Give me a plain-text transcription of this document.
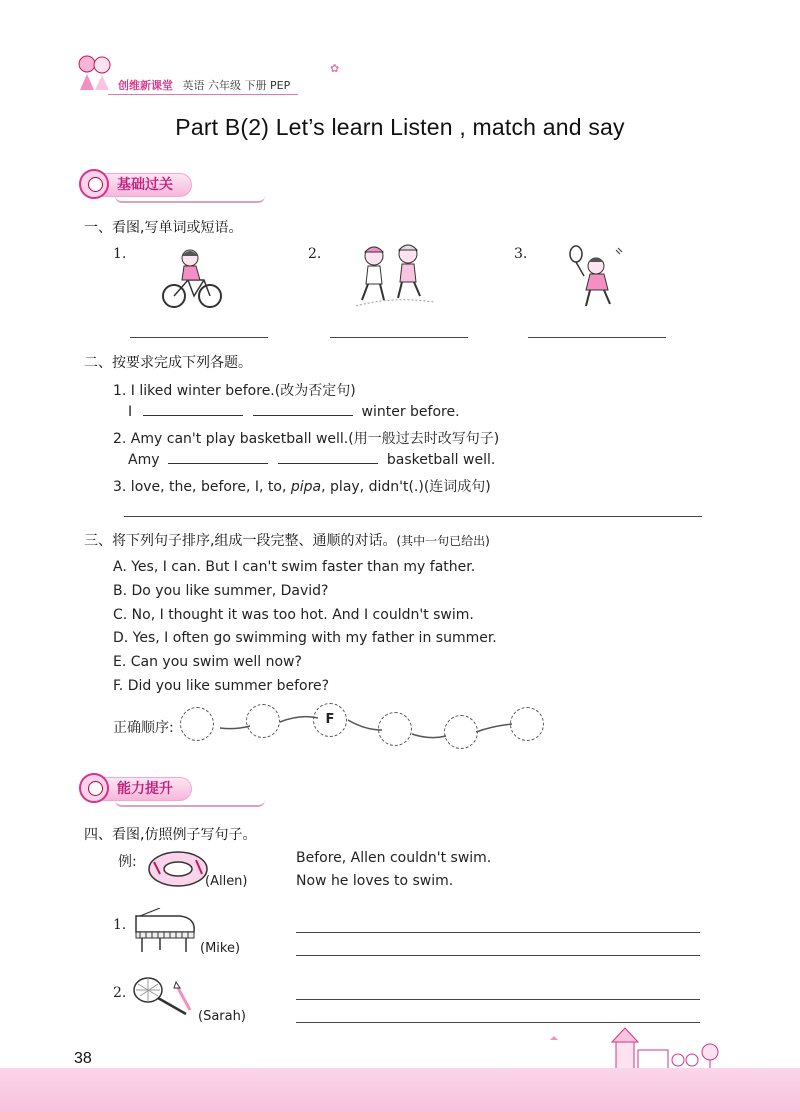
创维新课堂 英语 六年级 下册 PEP
✿
Part B(2) Let’s learn Listen , match and say
基础过关
一、看图,写单词或短语。
1.	2.	3.
二、按要求完成下列各题。
1. I liked winter before.(改为否定句)
I	winter before.
2. Amy can't play basketball well.(用一般过去时改写句子)
Amy	basketball well.
3. love, the, before, I, to, pipa, play, didn't(.)(连词成句)
三、将下列句子排序,组成一段完整、通顺的对话。(其中一句已给出)
A. Yes, I can. But I can't swim faster than my father.
B. Do you like summer, David?
C. No, I thought it was too hot. And I couldn't swim.
D. Yes, I often go swimming with my father in summer.
E. Can you swim well now?
F. Did you like summer before?
正确顺序:
F
能力提升
四、看图,仿照例子写句子。
例:
(Allen)
Before, Allen couldn't swim.
Now he loves to swim.
1.
(Mike)
2.
(Sarah)
38
